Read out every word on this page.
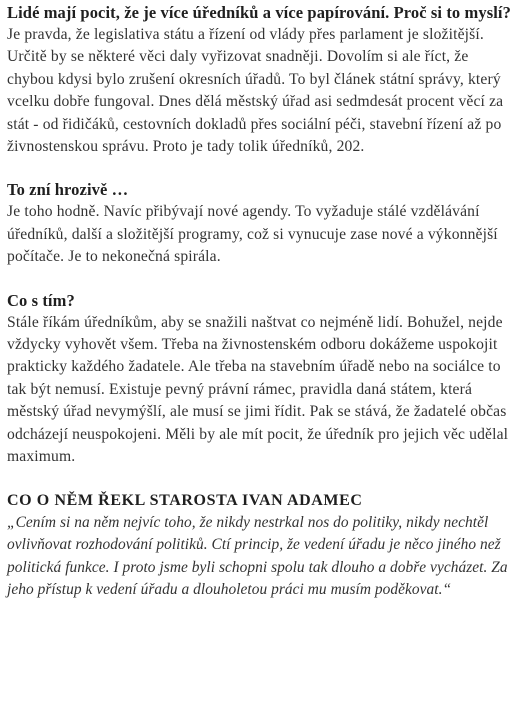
Lidé mají pocit, že je více úředníků a více papírování. Proč si to myslí?

Je pravda, že legislativa státu a řízení od vlády přes parlament je složitější. Určitě by se některé věci daly vyřizovat snadněji. Dovolím si ale říct, že chybou kdysi bylo zrušení okresních úřadů. To byl článek státní správy, který vcelku dobře fungoval. Dnes dělá městský úřad asi sedmdesát procent věcí za stát - od řidičáků, cestovních dokladů přes sociální péči, stavební řízení až po živnostenskou správu. Proto je tady tolik úředníků, 202.

To zní hrozivě …

Je toho hodně. Navíc přibývají nové agendy. To vyžaduje stálé vzdělávání úředníků, další a složitější programy, což si vynucuje zase nové a výkonnější počítače. Je to nekonečná spirála.

Co s tím?

Stále říkám úředníkům, aby se snažili naštvat co nejméně lidí. Bohužel, nejde vždycky vyhovět všem. Třeba na živnostenském odboru dokážeme uspokojit prakticky každého žadatele. Ale třeba na stavebním úřadě nebo na sociálce to tak být nemusí. Existuje pevný právní rámec, pravidla daná státem, která městský úřad nevymýšlí, ale musí se jimi řídit. Pak se stává, že žadatelé občas odcházejí neuspokojeni. Měli by ale mít pocit, že úředník pro jejich věc udělal maximum.

CO O NĚM ŘEKL STAROSTA IVAN ADAMEC

„Cením si na něm nejvíc toho, že nikdy nestrkal nos do politiky, nikdy nechtěl ovlivňovat rozhodování politiků. Ctí princip, že vedení úřadu je něco jiného než politická funkce. I proto jsme byli schopni spolu tak dlouho a dobře vycházet. Za jeho přístup k vedení úřadu a dlouholetou práci mu musím poděkovat.“
